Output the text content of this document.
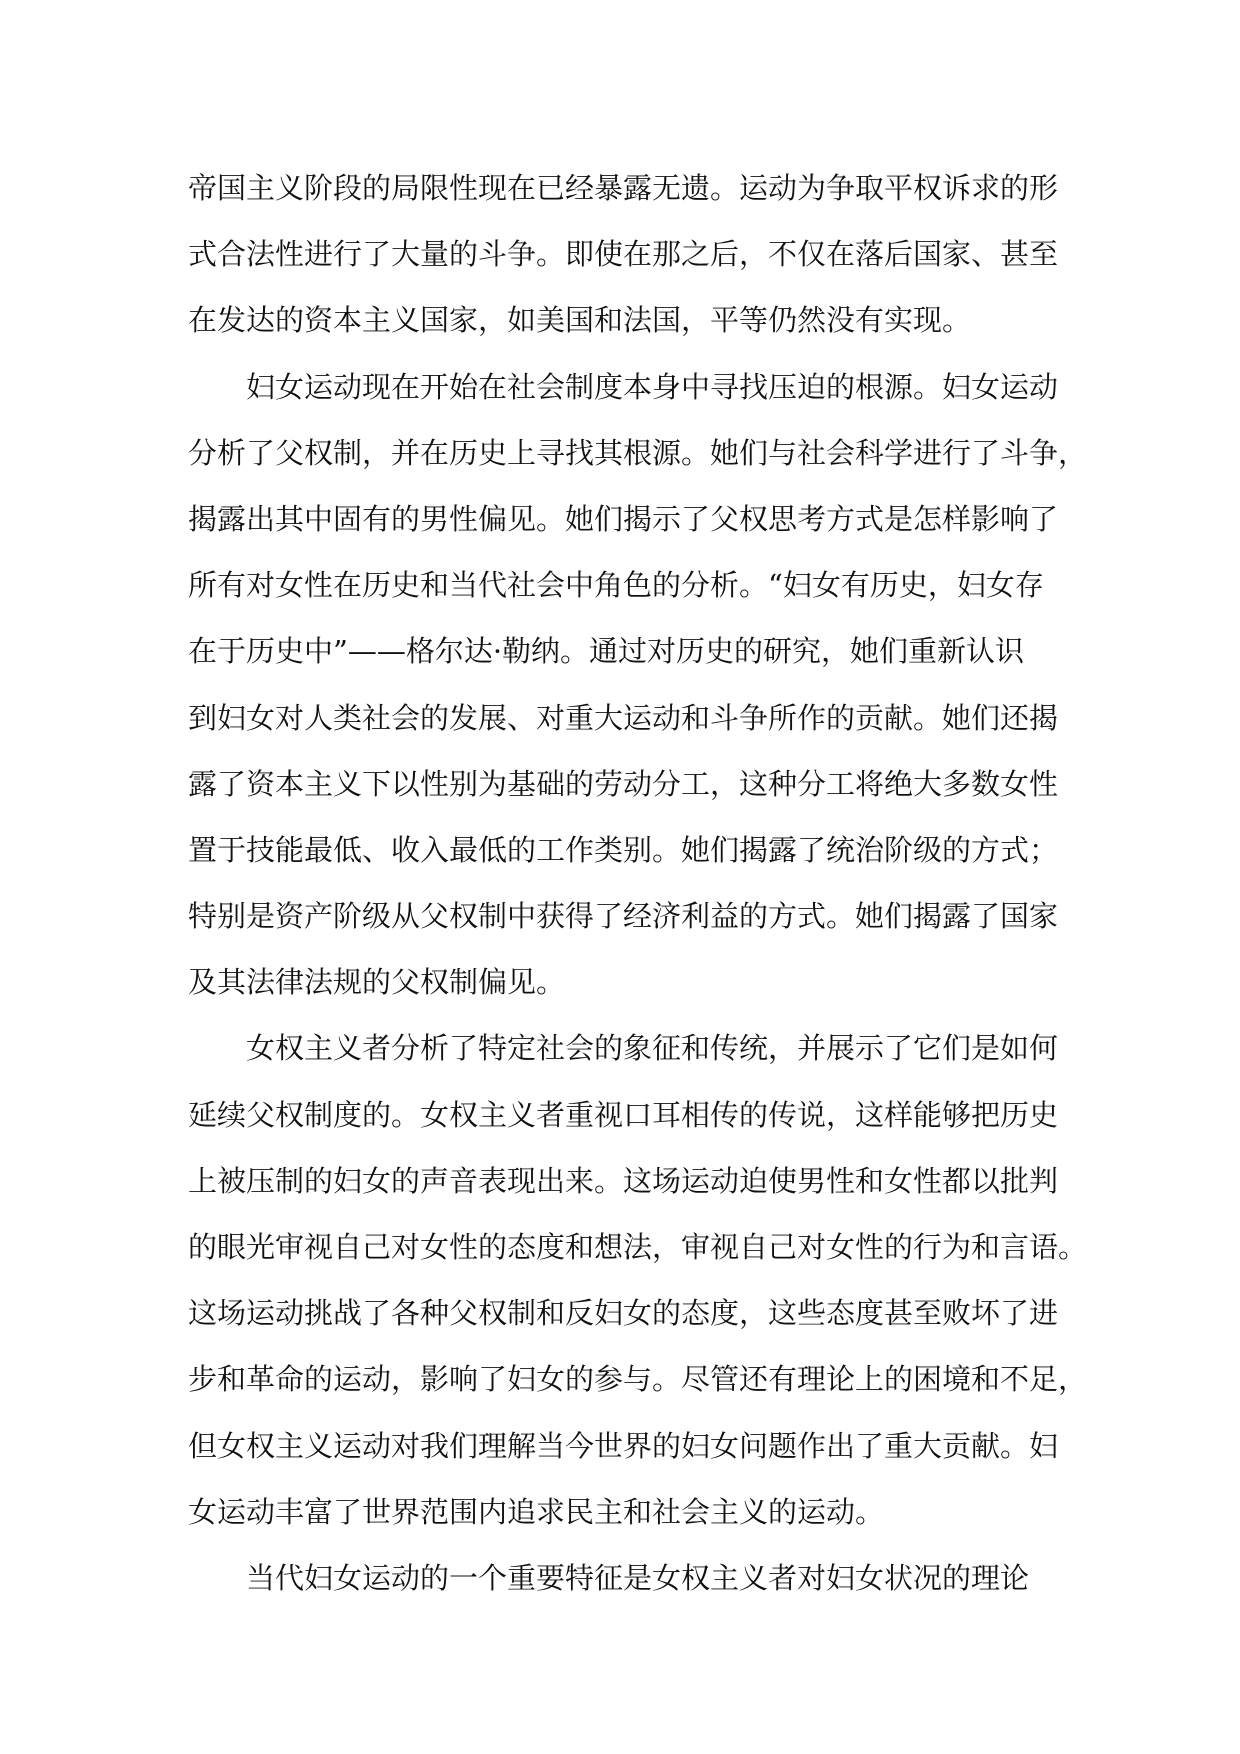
帝国主义阶段的局限性现在已经暴露无遗。运动为争取平权诉求的形
式合法性进行了大量的斗争。即使在那之后，不仅在落后国家、甚至
在发达的资本主义国家，如美国和法国，平等仍然没有实现。
妇女运动现在开始在社会制度本身中寻找压迫的根源。妇女运动
分析了父权制，并在历史上寻找其根源。她们与社会科学进行了斗争，
揭露出其中固有的男性偏见。她们揭示了父权思考方式是怎样影响了
所有对女性在历史和当代社会中角色的分析。“妇女有历史，妇女存
在于历史中”——格尔达·勒纳。通过对历史的研究，她们重新认识
到妇女对人类社会的发展、对重大运动和斗争所作的贡献。她们还揭
露了资本主义下以性别为基础的劳动分工，这种分工将绝大多数女性
置于技能最低、收入最低的工作类别。她们揭露了统治阶级的方式；
特别是资产阶级从父权制中获得了经济利益的方式。她们揭露了国家
及其法律法规的父权制偏见。
女权主义者分析了特定社会的象征和传统，并展示了它们是如何
延续父权制度的。女权主义者重视口耳相传的传说，这样能够把历史
上被压制的妇女的声音表现出来。这场运动迫使男性和女性都以批判
的眼光审视自己对女性的态度和想法，审视自己对女性的行为和言语。
这场运动挑战了各种父权制和反妇女的态度，这些态度甚至败坏了进
步和革命的运动，影响了妇女的参与。尽管还有理论上的困境和不足，
但女权主义运动对我们理解当今世界的妇女问题作出了重大贡献。妇
女运动丰富了世界范围内追求民主和社会主义的运动。
当代妇女运动的一个重要特征是女权主义者对妇女状况的理论
